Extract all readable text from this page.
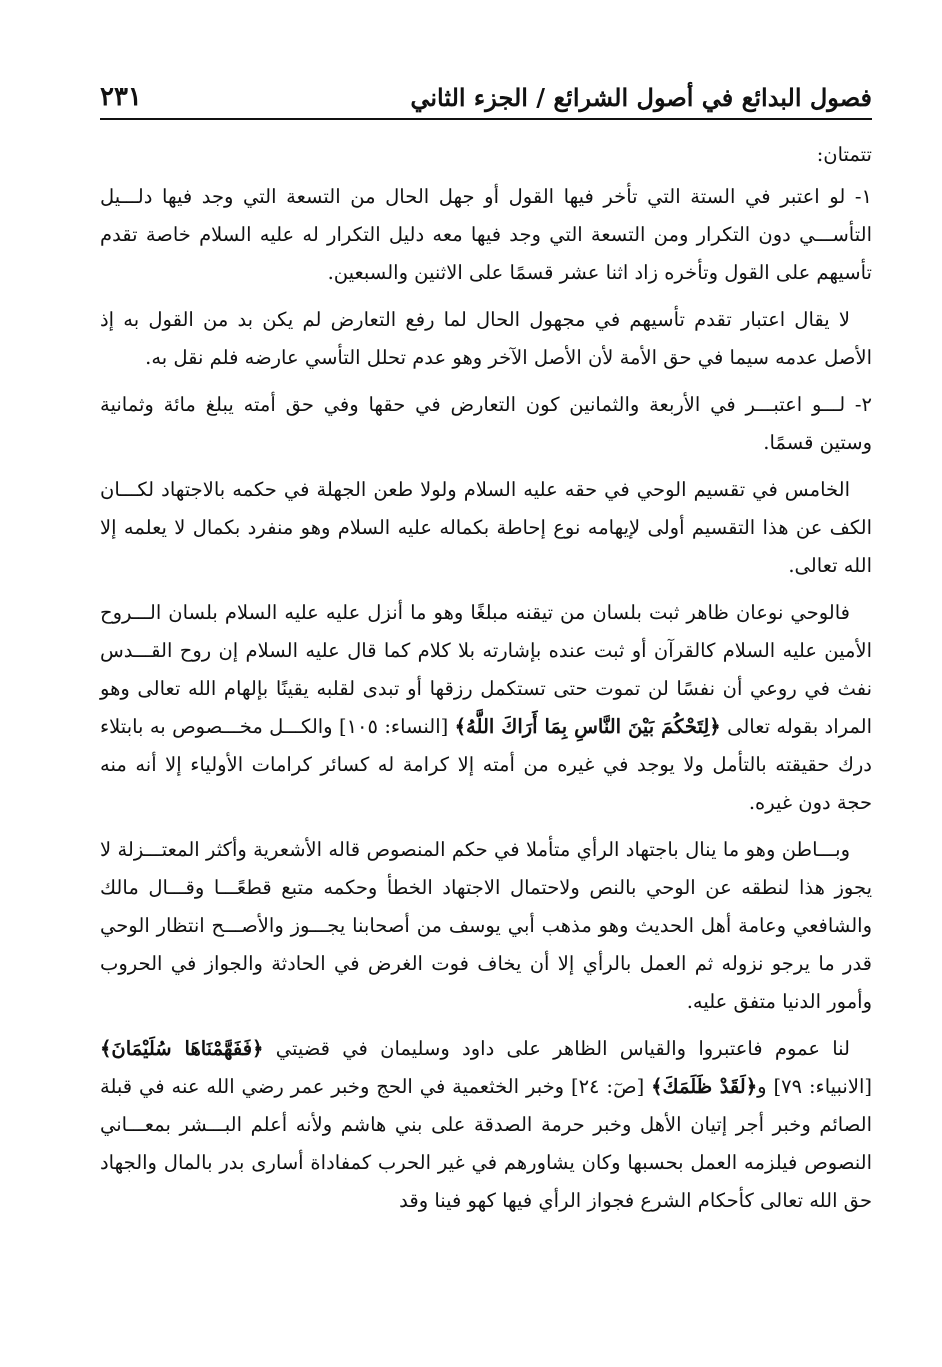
فصول البدائع في أصول الشرائع / الجزء الثاني
٢٣١

تتمتان:

١- لو اعتبر في الستة التي تأخر فيها القول أو جهل الحال من التسعة التي وجد فيها دلـــيل التأســـي دون التكرار ومن التسعة التي وجد فيها معه دليل التكرار له عليه السلام خاصة تقدم تأسيهم على القول وتأخره زاد اثنا عشر قسمًا على الاثنين والسبعين.

لا يقال اعتبار تقدم تأسيهم في مجهول الحال لما رفع التعارض لم يكن بد من القول به إذ الأصل عدمه سيما في حق الأمة لأن الأصل الآخر وهو عدم تحلل التأسي عارضه فلم نقل به.

٢- لـــو اعتبـــر في الأربعة والثمانين كون التعارض في حقها وفي حق أمته يبلغ مائة وثمانية وستين قسمًا.

الخامس في تقسيم الوحي في حقه عليه السلام ولولا طعن الجهلة في حكمه بالاجتهاد لكـــان الكف عن هذا التقسيم أولى لإيهامه نوع إحاطة بكماله عليه السلام وهو منفرد بكمال لا يعلمه إلا الله تعالى.

فالوحي نوعان ظاهر ثبت بلسان من تيقنه مبلغًا وهو ما أنزل عليه عليه السلام بلسان الـــروح الأمين عليه السلام كالقرآن أو ثبت عنده بإشارته بلا كلام كما قال عليه السلام إن روح القـــدس نفث في روعي أن نفسًا لن تموت حتى تستكمل رزقها أو تبدى لقلبه يقينًا بإلهام الله تعالى وهو المراد بقوله تعالى ﴿لِتَحْكُمَ بَيْنَ النَّاسِ بِمَا أَرَاكَ اللَّهُ﴾ [النساء: ١٠٥] والكـــل مخـــصوص به بابتلاء درك حقيقته بالتأمل ولا يوجد في غيره من أمته إلا كرامة له كسائر كرامات الأولياء إلا أنه منه حجة دون غيره.

وبـــاطن وهو ما ينال باجتهاد الرأي متأملا في حكم المنصوص قاله الأشعرية وأكثر المعتـــزلة لا يجوز هذا لنطقه عن الوحي بالنص ولاحتمال الاجتهاد الخطأ وحكمه متبع قطعًـــا وقـــال مالك والشافعي وعامة أهل الحديث وهو مذهب أبي يوسف من أصحابنا يجـــوز والأصـــح انتظار الوحي قدر ما يرجو نزوله ثم العمل بالرأي إلا أن يخاف فوت الغرض في الحادثة والجواز في الحروب وأمور الدنيا متفق عليه.

لنا عموم فاعتبروا والقياس الظاهر على داود وسليمان في قضيتي ﴿فَفَهَّمْنَاهَا سُلَيْمَانَ﴾ [الانبياء: ٧٩] و﴿لَقَدْ ظَلَمَكَ﴾ [صٓ: ٢٤] وخبر الخثعمية في الحج وخبر عمر رضي الله عنه في قبلة الصائم وخبر أجر إتيان الأهل وخبر حرمة الصدقة على بني هاشم ولأنه أعلم البـــشر بمعـــاني النصوص فيلزمه العمل بحسبها وكان يشاورهم في غير الحرب كمفاداة أسارى بدر بالمال والجهاد حق الله تعالى كأحكام الشرع فجواز الرأي فيها كهو فينا وقد
